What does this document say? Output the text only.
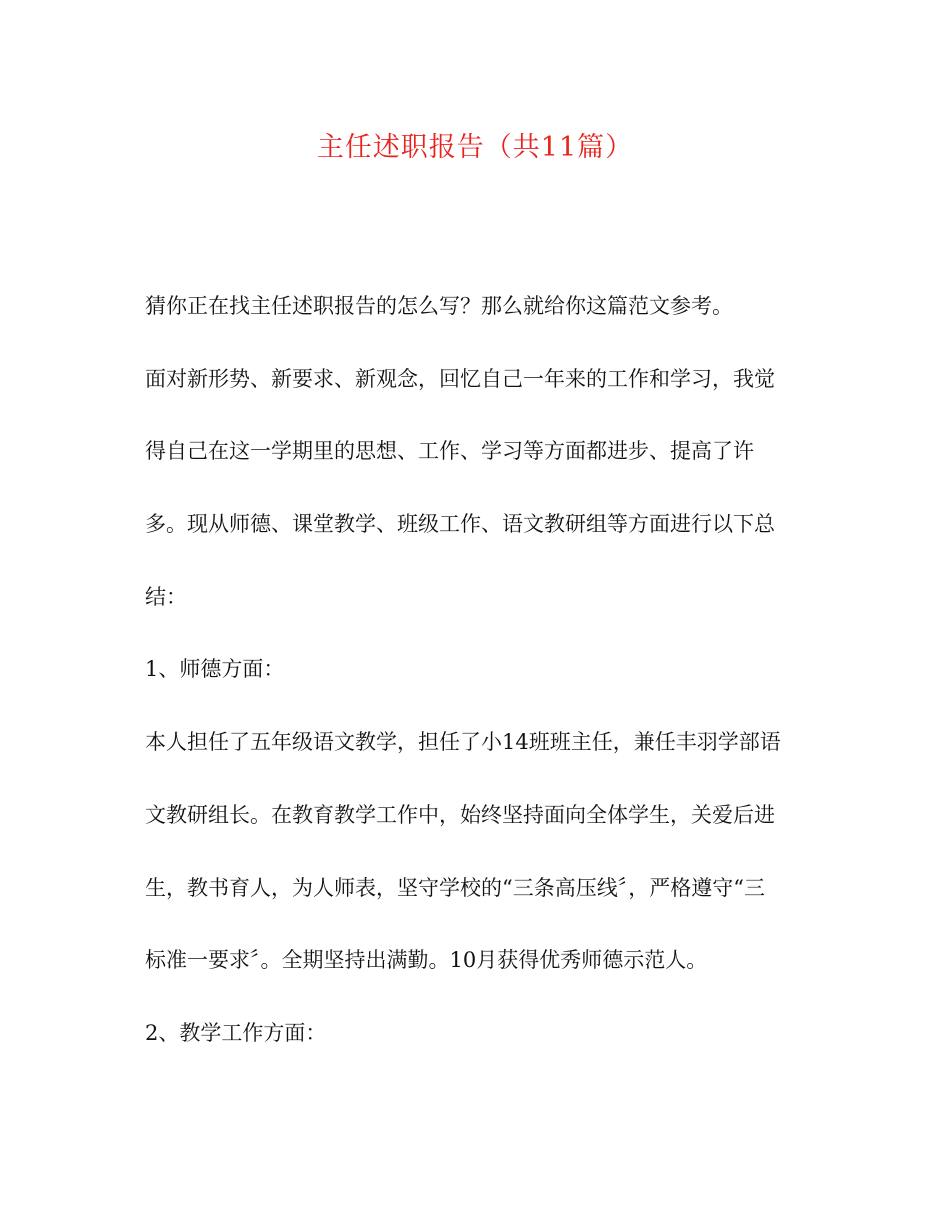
主任述职报告（共11篇）
猜你正在找主任述职报告的怎么写？那么就给你这篇范文参考。
面对新形势、新要求、新观念，回忆自己一年来的工作和学习，我觉
得自己在这一学期里的思想、工作、学习等方面都进步、提高了许
多。现从师德、课堂教学、班级工作、语文教研组等方面进行以下总
结：
1、师德方面：
本人担任了五年级语文教学，担任了小14班班主任，兼任丰羽学部语
文教研组长。在教育教学工作中，始终坚持面向全体学生，关爱后进
生，教书育人，为人师表，坚守学校的“三条高压线〞，严格遵守“三
标准一要求〞。全期坚持出满勤。10月获得优秀师德示范人。
2、教学工作方面：
